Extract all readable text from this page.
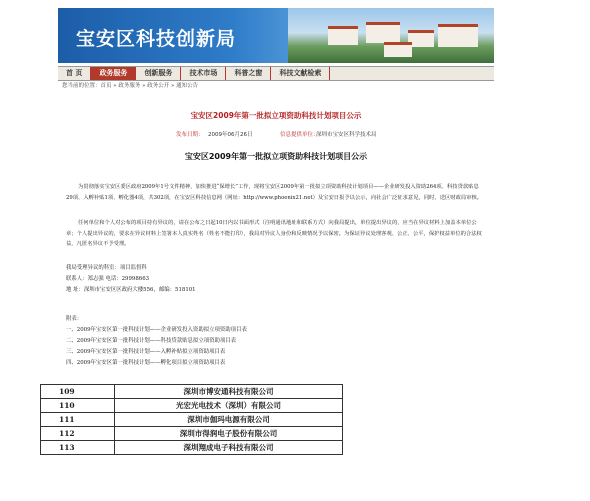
宝安区科技创新局
首 页	政务服务	创新服务	技术市场	科普之窗	科技文献检索
您当前的位置：首页 » 政务服务 » 政务公开 » 通知公告
宝安区2009年第一批拟立项资助科技计划项目公示
发布日期： 2009年06月26日	信息提供单位：
深圳市宝安区科学技术局
宝安区2009年第一批拟立项资助科技计划项目公示
为贯彻落实宝安区委区政府2009年1号文件精神，加快推进“保增长”工作，现将宝安区2009年第一批拟立项资助科技计划项目——企业研发投入资助264项、科技贷款贴息29项、入孵补贴1项、孵化器4项，共302项，在宝安区科技信息网（网址：http://www.phoenix21.net）及宝安日报予以公示，向社会广泛征求意见，同时，送区财政局审核。
任何单位和个人对公布的项目持有异议的，请在公布之日起10日内以书面形式（注明通讯地址和联系方式）向我局提出，单位提出异议的，应当在异议材料上加盖本单位公章；个人提出异议的，要求在异议材料上签署本人真实姓名（姓名不能打印），我局对异议人身份和反映情况予以保密。为保证异议处理客观、公正、公平，保护权益单位的合法权益，凡匿名异议不予受理。
我局受理异议的科室：项目监督科
联系人：郑志强 电话：29998663
地 址：深圳市宝安区区政府大楼556，邮编：518101
附表：
一、2009年宝安区第一批科技计划——企业研发投入资助拟立项资助项目表
二、2009年宝安区第一批科技计划——科技贷款贴息拟立项资助项目表
三、2009年宝安区第一批科技计划——入孵补贴拟立项资助项目表
四、2009年宝安区第一批科技计划——孵化项目拟立项资助项目表
109	深圳市博安通科技有限公司
110	光宏光电技术（深圳）有限公司
111	深圳市伽玛电源有限公司
112	深圳市得润电子股份有限公司
113	深圳翔成电子科技有限公司
